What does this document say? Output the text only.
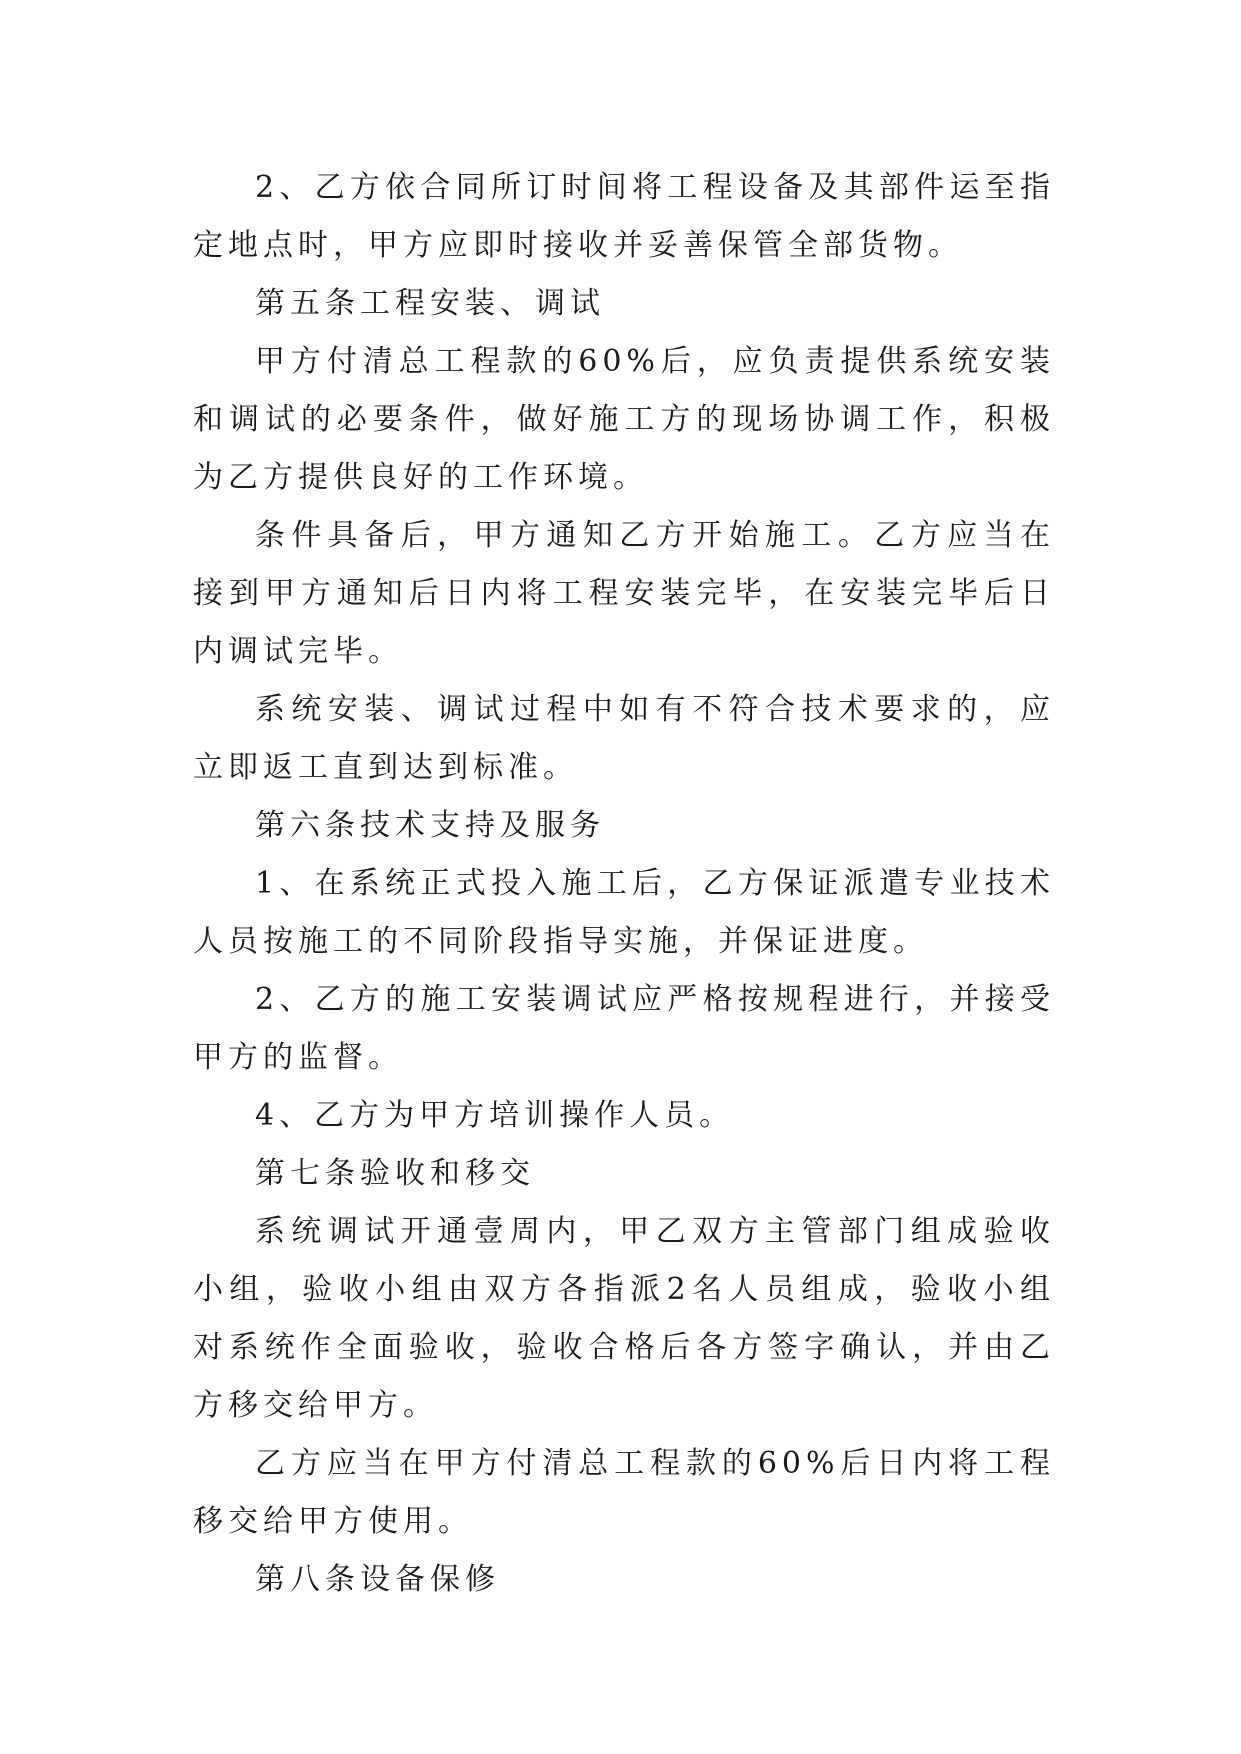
2、乙方依合同所订时间将工程设备及其部件运至指定地点时，甲方应即时接收并妥善保管全部货物。

第五条工程安装、调试

甲方付清总工程款的60%后，应负责提供系统安装和调试的必要条件，做好施工方的现场协调工作，积极为乙方提供良好的工作环境。

条件具备后，甲方通知乙方开始施工。乙方应当在接到甲方通知后日内将工程安装完毕，在安装完毕后日内调试完毕。

系统安装、调试过程中如有不符合技术要求的，应立即返工直到达到标准。

第六条技术支持及服务

1、在系统正式投入施工后，乙方保证派遣专业技术人员按施工的不同阶段指导实施，并保证进度。

2、乙方的施工安装调试应严格按规程进行，并接受甲方的监督。

4、乙方为甲方培训操作人员。

第七条验收和移交

系统调试开通壹周内，甲乙双方主管部门组成验收小组，验收小组由双方各指派2名人员组成，验收小组对系统作全面验收，验收合格后各方签字确认，并由乙方移交给甲方。

乙方应当在甲方付清总工程款的60%后日内将工程移交给甲方使用。

第八条设备保修
